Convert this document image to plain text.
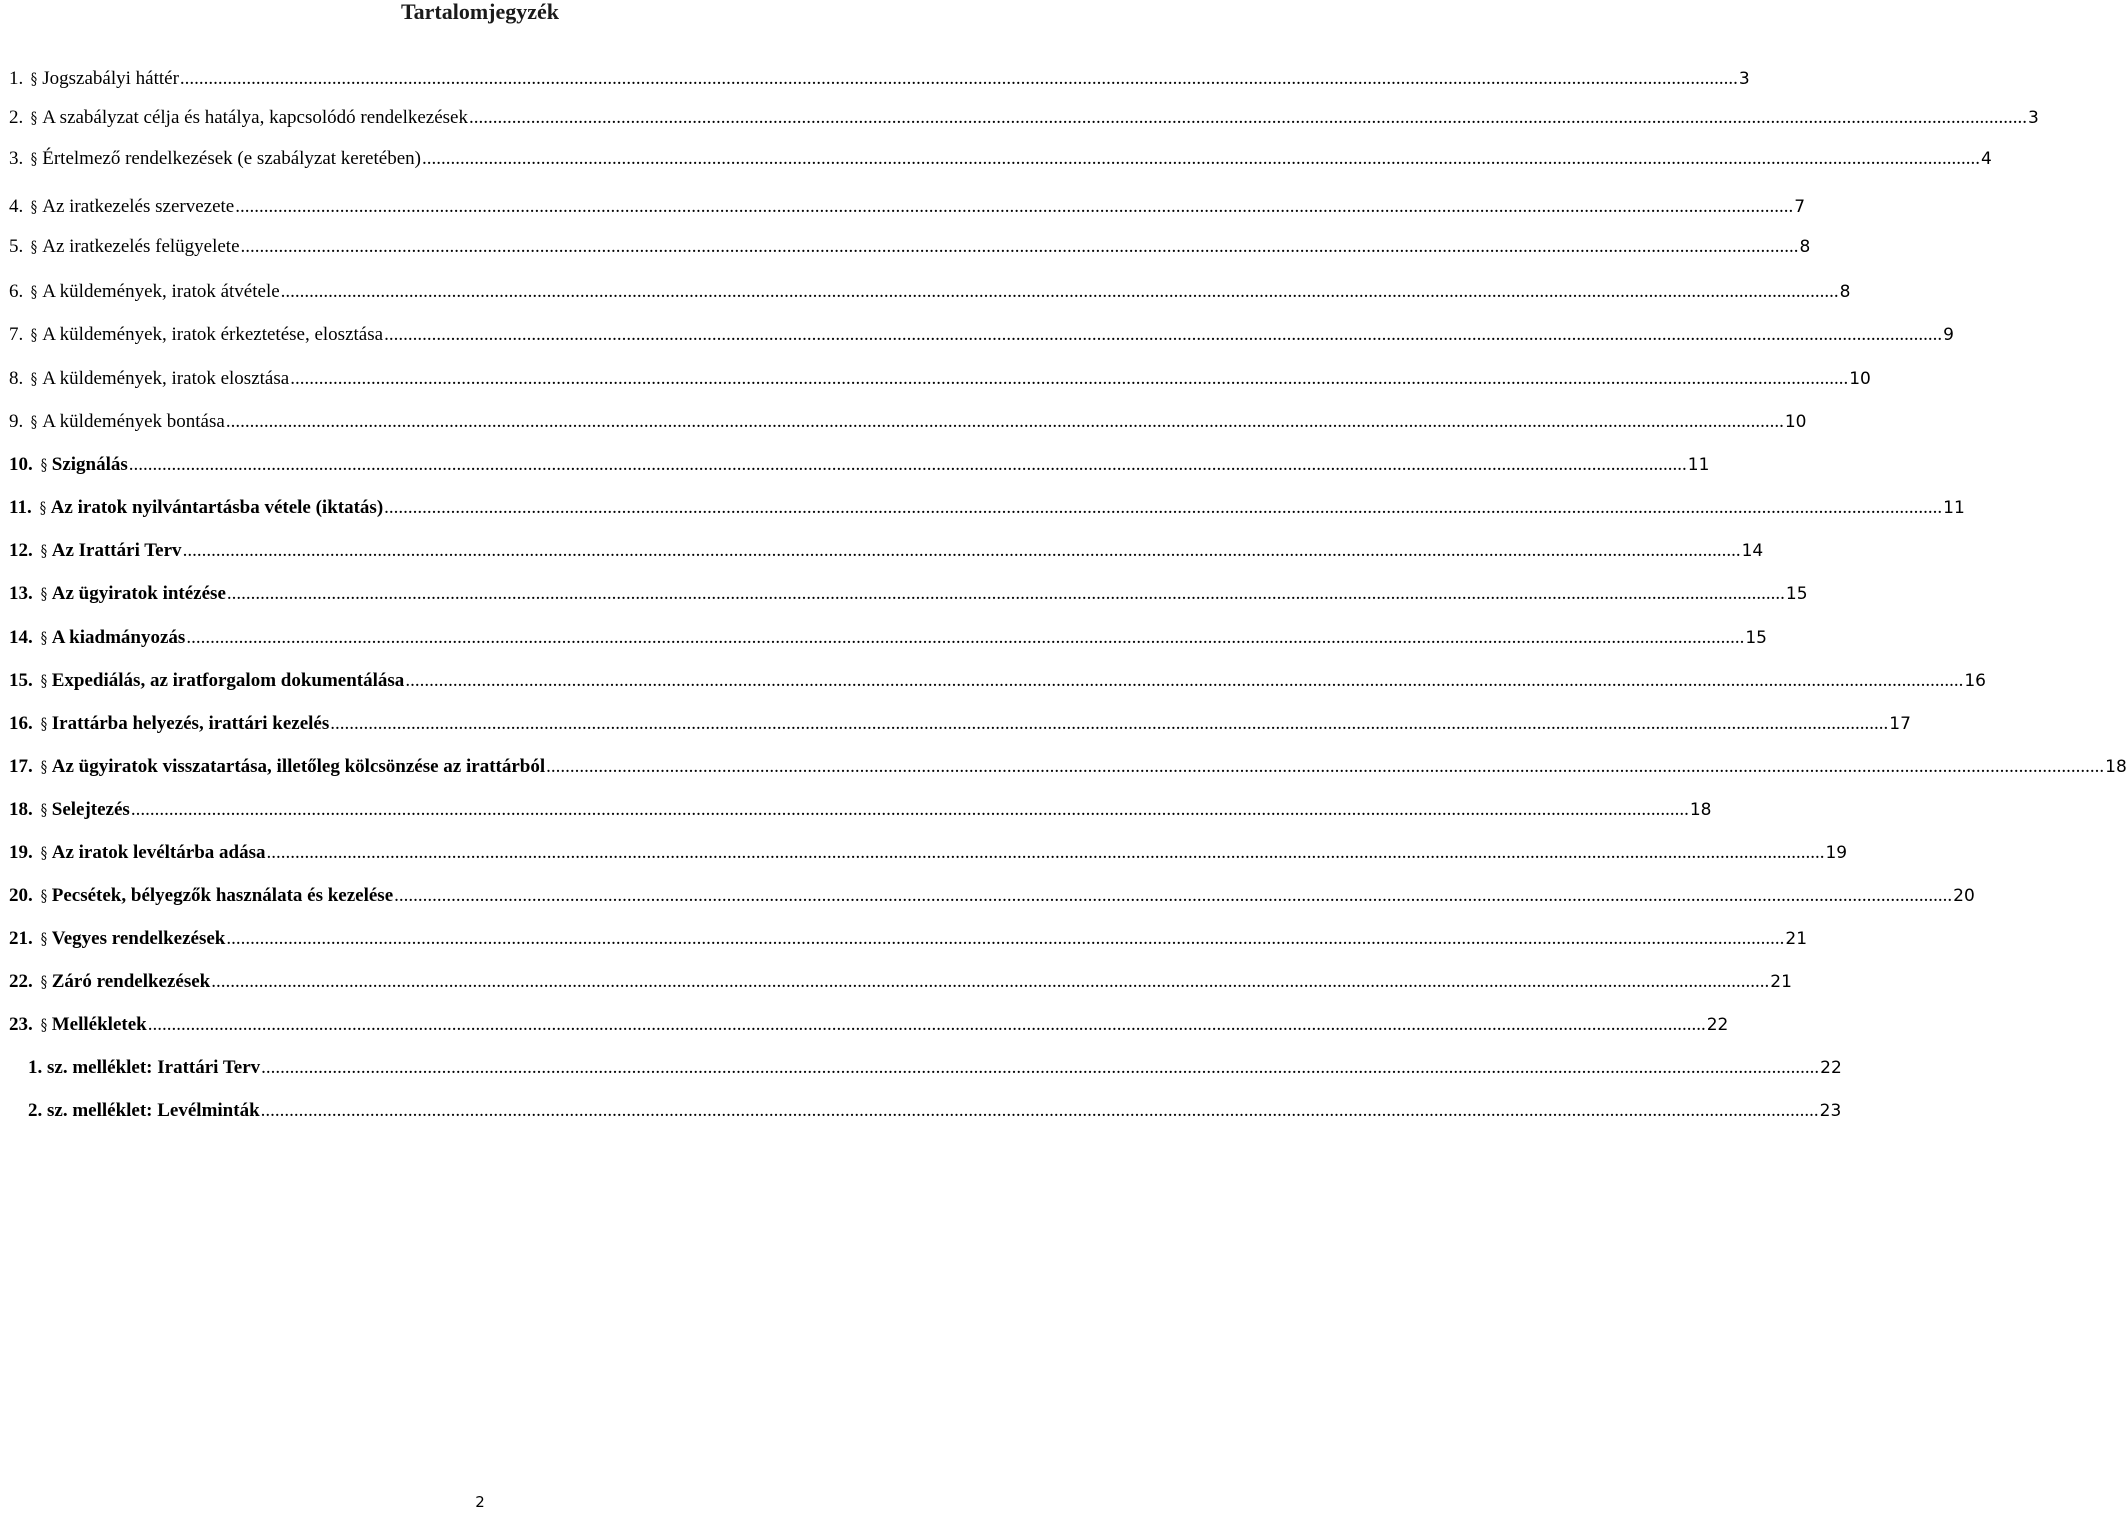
Tartalomjegyzék
1. § Jogszabályi háttér .....	3
2. § A szabályzat célja és hatálya, kapcsolódó rendelkezések .....	3
3. § Értelmező rendelkezések (e szabályzat keretében) .....	4
4. § Az iratkezelés szervezete .....	7
5. § Az iratkezelés felügyelete .....	8
6. § A küldemények, iratok átvétele .....	8
7. § A küldemények, iratok érkeztetése, elosztása .....	9
8. § A küldemények, iratok elosztása .....	10
9. § A küldemények bontása .....	10
10. § Szignálás .....	11
11. § Az iratok nyilvántartásba vétele (iktatás) .....	11
12. § Az Irattári Terv .....	14
13. § Az ügyiratok intézése .....	15
14. § A kiadmányozás .....	15
15. § Expediálás, az iratforgalom dokumentálása .....	16
16. § Irattárba helyezés, irattári kezelés .....	17
17. § Az ügyiratok visszatartása, illetőleg kölcsönzése az irattárból .....	18
18. § Selejtezés .....	18
19. § Az iratok levéltárba adása .....	19
20. § Pecsétek, bélyegzők használata és kezelése .....	20
21. § Vegyes rendelkezések .....	21
22. § Záró rendelkezések .....	21
23. § Mellékletek .....	22
1. sz. melléklet: Irattári Terv .....	22
2. sz. melléklet: Levélminták .....	23
2
